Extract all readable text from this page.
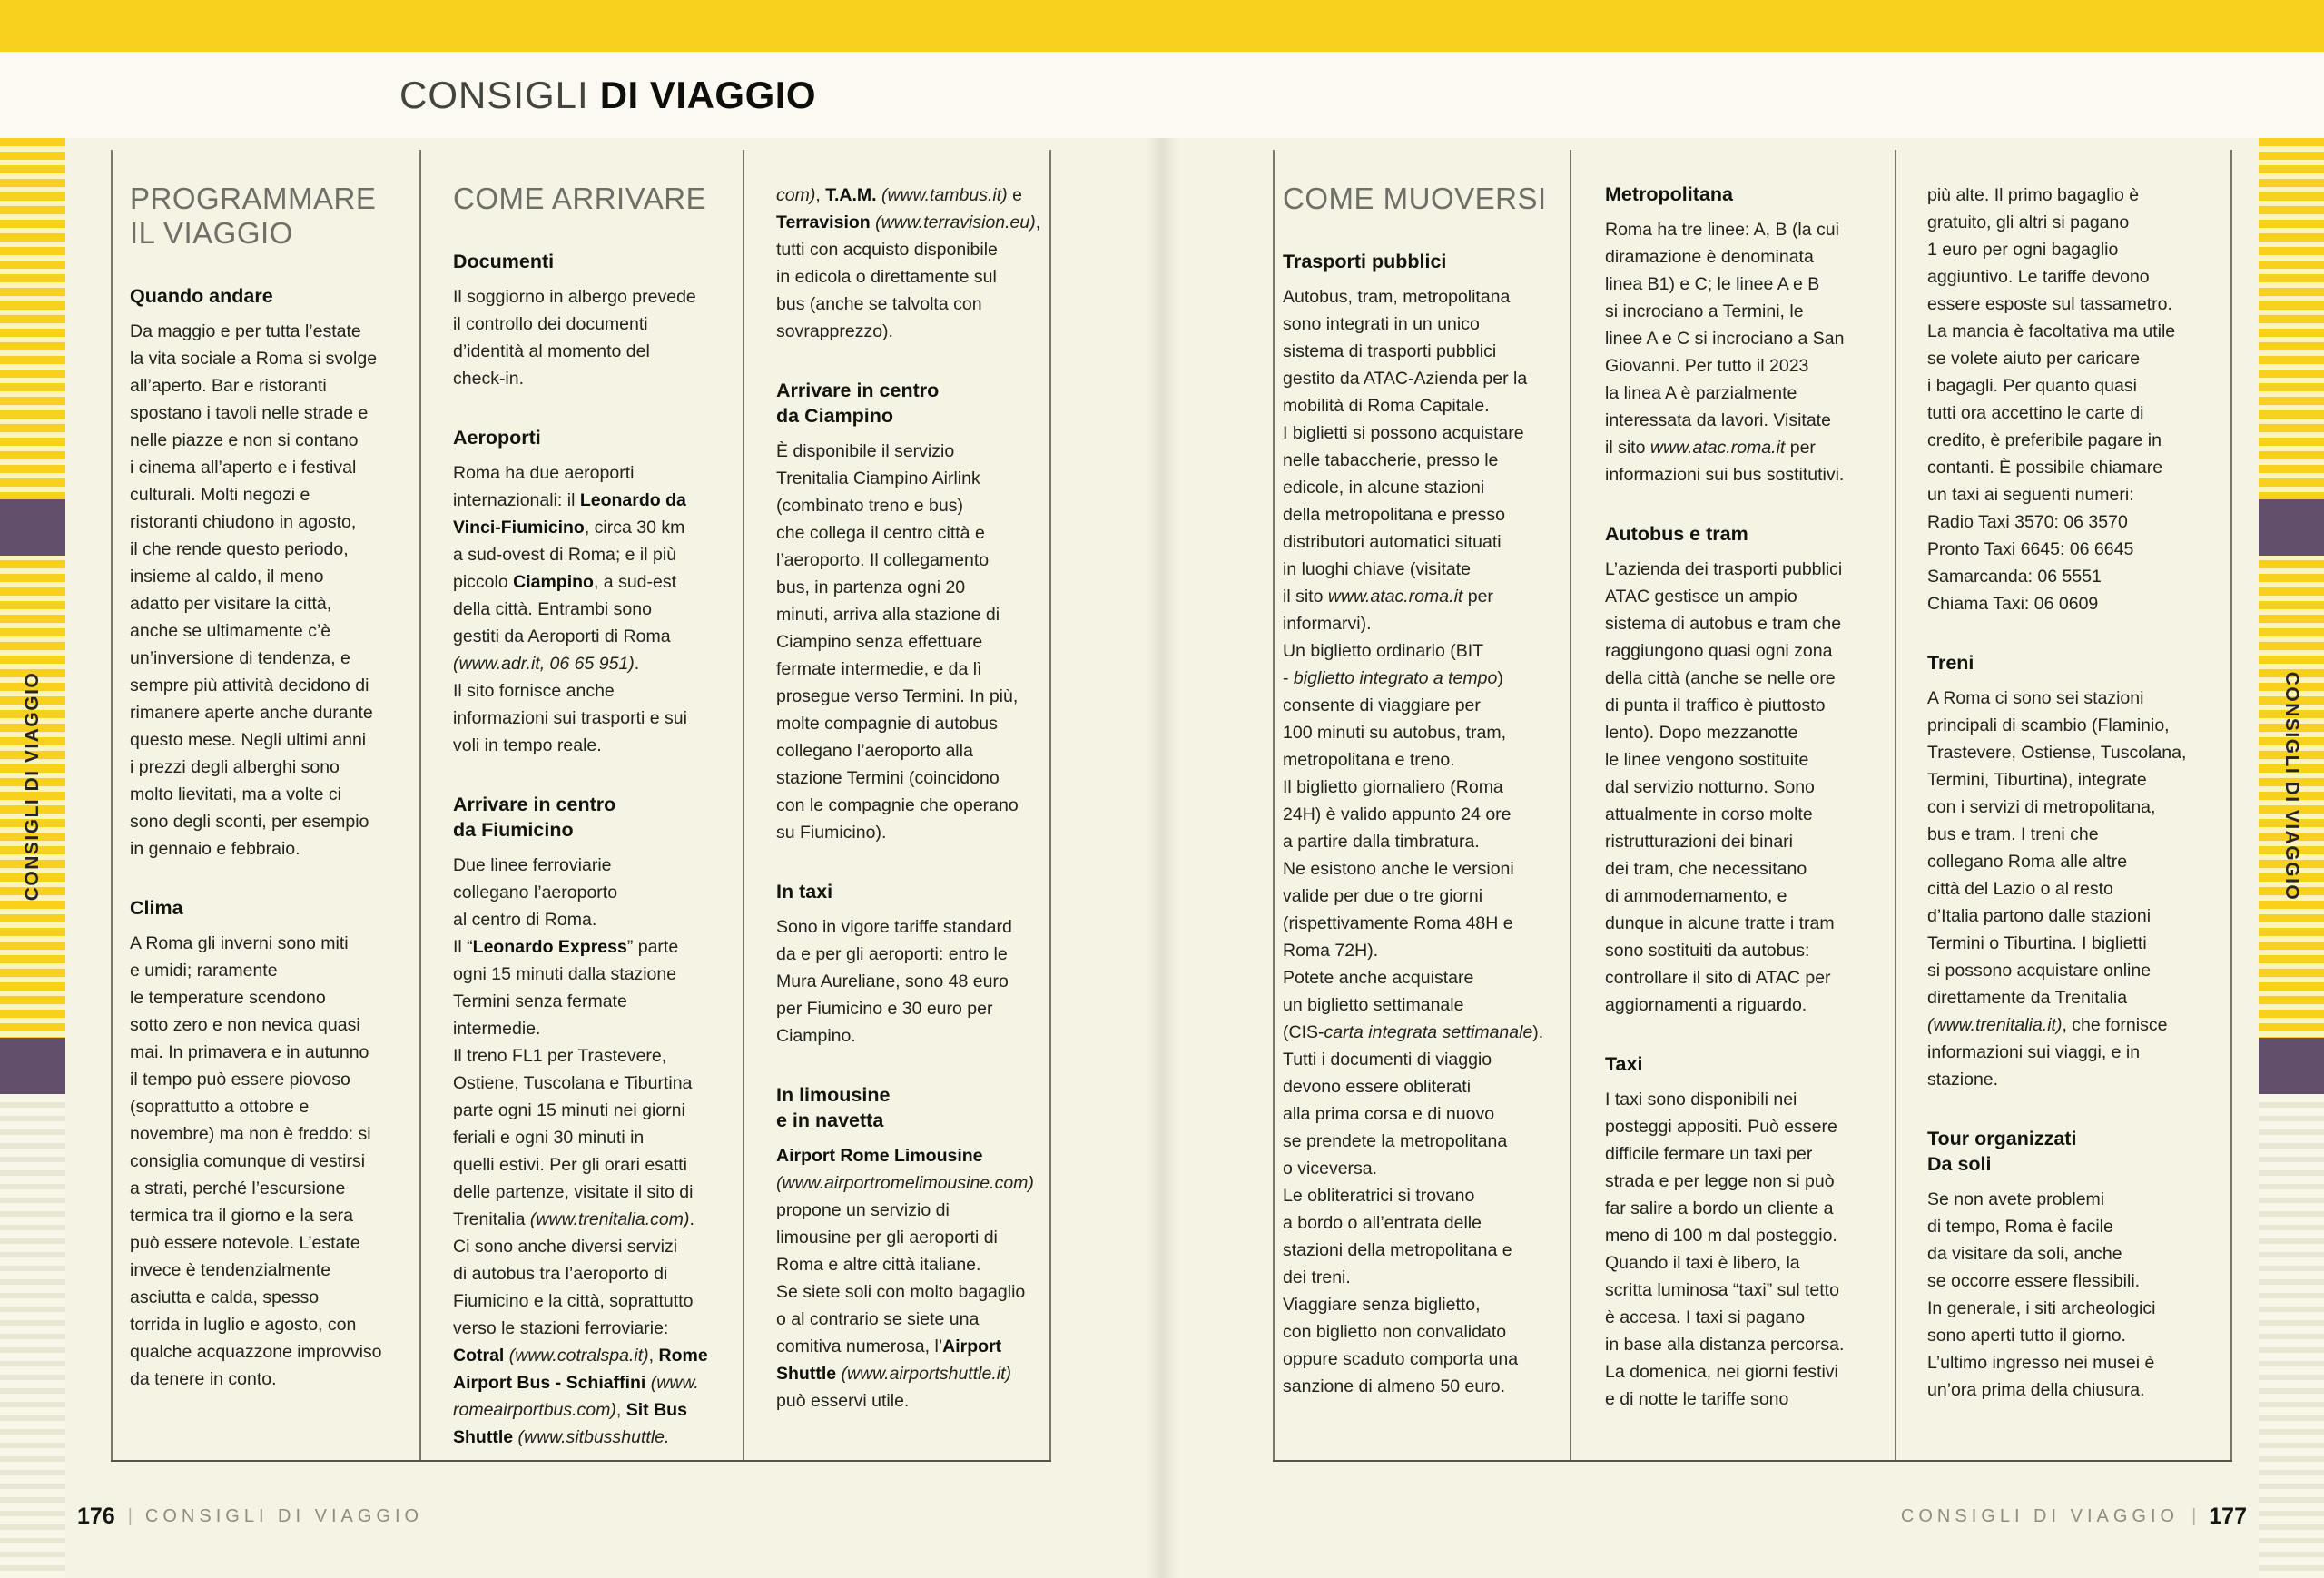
CONSIGLI DI VIAGGIO
CONSIGLI DI VIAGGIO	CONSIGLI DI VIAGGIO
PROGRAMMARE
IL VIAGGIO
Quando andare
Da maggio e per tutta l’estate
la vita sociale a Roma si svolge
all’aperto. Bar e ristoranti
spostano i tavoli nelle strade e
nelle piazze e non si contano
i cinema all’aperto e i festival
culturali. Molti negozi e
ristoranti chiudono in agosto,
il che rende questo periodo,
insieme al caldo, il meno
adatto per visitare la città,
anche se ultimamente c’è
un’inversione di tendenza, e
sempre più attività decidono di
rimanere aperte anche durante
questo mese. Negli ultimi anni
i prezzi degli alberghi sono
molto lievitati, ma a volte ci
sono degli sconti, per esempio
in gennaio e febbraio.
Clima
A Roma gli inverni sono miti
e umidi; raramente
le temperature scendono
sotto zero e non nevica quasi
mai. In primavera e in autunno
il tempo può essere piovoso
(soprattutto a ottobre e
novembre) ma non è freddo: si
consiglia comunque di vestirsi
a strati, perché l’escursione
termica tra il giorno e la sera
può essere notevole. L’estate
invece è tendenzialmente
asciutta e calda, spesso
torrida in luglio e agosto, con
qualche acquazzone improvviso
da tenere in conto.
COME ARRIVARE
Documenti
Il soggiorno in albergo prevede
il controllo dei documenti
d’identità al momento del
check-in.
Aeroporti
Roma ha due aeroporti
internazionali: il Leonardo da
Vinci-Fiumicino, circa 30 km
a sud-ovest di Roma; e il più
piccolo Ciampino, a sud-est
della città. Entrambi sono
gestiti da Aeroporti di Roma
(www.adr.it, 06 65 951).
Il sito fornisce anche
informazioni sui trasporti e sui
voli in tempo reale.
Arrivare in centro
da Fiumicino
Due linee ferroviarie
collegano l’aeroporto
al centro di Roma.
Il “Leonardo Express” parte
ogni 15 minuti dalla stazione
Termini senza fermate
intermedie.
Il treno FL1 per Trastevere,
Ostiene, Tuscolana e Tiburtina
parte ogni 15 minuti nei giorni
feriali e ogni 30 minuti in
quelli estivi. Per gli orari esatti
delle partenze, visitate il sito di
Trenitalia (www.trenitalia.com).
Ci sono anche diversi servizi
di autobus tra l’aeroporto di
Fiumicino e la città, soprattutto
verso le stazioni ferroviarie:
Cotral (www.cotralspa.it), Rome
Airport Bus - Schiaffini (www.
romeairportbus.com), Sit Bus
Shuttle (www.sitbusshuttle.
com), T.A.M. (www.tambus.it) e
Terravision (www.terravision.eu),
tutti con acquisto disponibile
in edicola o direttamente sul
bus (anche se talvolta con
sovrapprezzo).
Arrivare in centro
da Ciampino
È disponibile il servizio
Trenitalia Ciampino Airlink
(combinato treno e bus)
che collega il centro città e
l’aeroporto. Il collegamento
bus, in partenza ogni 20
minuti, arriva alla stazione di
Ciampino senza effettuare
fermate intermedie, e da lì
prosegue verso Termini. In più,
molte compagnie di autobus
collegano l’aeroporto alla
stazione Termini (coincidono
con le compagnie che operano
su Fiumicino).
In taxi
Sono in vigore tariffe standard
da e per gli aeroporti: entro le
Mura Aureliane, sono 48 euro
per Fiumicino e 30 euro per
Ciampino.
In limousine
e in navetta
Airport Rome Limousine
(www.airportromelimousine.com)
propone un servizio di
limousine per gli aeroporti di
Roma e altre città italiane.
Se siete soli con molto bagaglio
o al contrario se siete una
comitiva numerosa, l’Airport
Shuttle (www.airportshuttle.it)
può esservi utile.
COME MUOVERSI
Trasporti pubblici
Autobus, tram, metropolitana
sono integrati in un unico
sistema di trasporti pubblici
gestito da ATAC-Azienda per la
mobilità di Roma Capitale.
I biglietti si possono acquistare
nelle tabaccherie, presso le
edicole, in alcune stazioni
della metropolitana e presso
distributori automatici situati
in luoghi chiave (visitate
il sito www.atac.roma.it per
informarvi).
Un biglietto ordinario (BIT
- biglietto integrato a tempo)
consente di viaggiare per
100 minuti su autobus, tram,
metropolitana e treno.
Il biglietto giornaliero (Roma
24H) è valido appunto 24 ore
a partire dalla timbratura.
Ne esistono anche le versioni
valide per due o tre giorni
(rispettivamente Roma 48H e
Roma 72H).
Potete anche acquistare
un biglietto settimanale
(CIS-carta integrata settimanale).
Tutti i documenti di viaggio
devono essere obliterati
alla prima corsa e di nuovo
se prendete la metropolitana
o viceversa.
Le obliteratrici si trovano
a bordo o all’entrata delle
stazioni della metropolitana e
dei treni.
Viaggiare senza biglietto,
con biglietto non convalidato
oppure scaduto comporta una
sanzione di almeno 50 euro.
Metropolitana
Roma ha tre linee: A, B (la cui
diramazione è denominata
linea B1) e C; le linee A e B
si incrociano a Termini, le
linee A e C si incrociano a San
Giovanni. Per tutto il 2023
la linea A è parzialmente
interessata da lavori. Visitate
il sito www.atac.roma.it per
informazioni sui bus sostitutivi.
Autobus e tram
L’azienda dei trasporti pubblici
ATAC gestisce un ampio
sistema di autobus e tram che
raggiungono quasi ogni zona
della città (anche se nelle ore
di punta il traffico è piuttosto
lento). Dopo mezzanotte
le linee vengono sostituite
dal servizio notturno. Sono
attualmente in corso molte
ristrutturazioni dei binari
dei tram, che necessitano
di ammodernamento, e
dunque in alcune tratte i tram
sono sostituiti da autobus:
controllare il sito di ATAC per
aggiornamenti a riguardo.
Taxi
I taxi sono disponibili nei
posteggi appositi. Può essere
difficile fermare un taxi per
strada e per legge non si può
far salire a bordo un cliente a
meno di 100 m dal posteggio.
Quando il taxi è libero, la
scritta luminosa “taxi” sul tetto
è accesa. I taxi si pagano
in base alla distanza percorsa.
La domenica, nei giorni festivi
e di notte le tariffe sono
più alte. Il primo bagaglio è
gratuito, gli altri si pagano
1 euro per ogni bagaglio
aggiuntivo. Le tariffe devono
essere esposte sul tassametro.
La mancia è facoltativa ma utile
se volete aiuto per caricare
i bagagli. Per quanto quasi
tutti ora accettino le carte di
credito, è preferibile pagare in
contanti. È possibile chiamare
un taxi ai seguenti numeri:
Radio Taxi 3570: 06 3570
Pronto Taxi 6645: 06 6645
Samarcanda: 06 5551
Chiama Taxi: 06 0609
Treni
A Roma ci sono sei stazioni
principali di scambio (Flaminio,
Trastevere, Ostiense, Tuscolana,
Termini, Tiburtina), integrate
con i servizi di metropolitana,
bus e tram. I treni che
collegano Roma alle altre
città del Lazio o al resto
d’Italia partono dalle stazioni
Termini o Tiburtina. I biglietti
si possono acquistare online
direttamente da Trenitalia
(www.trenitalia.it), che fornisce
informazioni sui viaggi, e in
stazione.
Tour organizzati
Da soli
Se non avete problemi
di tempo, Roma è facile
da visitare da soli, anche
se occorre essere flessibili.
In generale, i siti archeologici
sono aperti tutto il giorno.
L’ultimo ingresso nei musei è
un’ora prima della chiusura.
176 | CONSIGLI DI VIAGGIO	CONSIGLI DI VIAGGIO | 177
